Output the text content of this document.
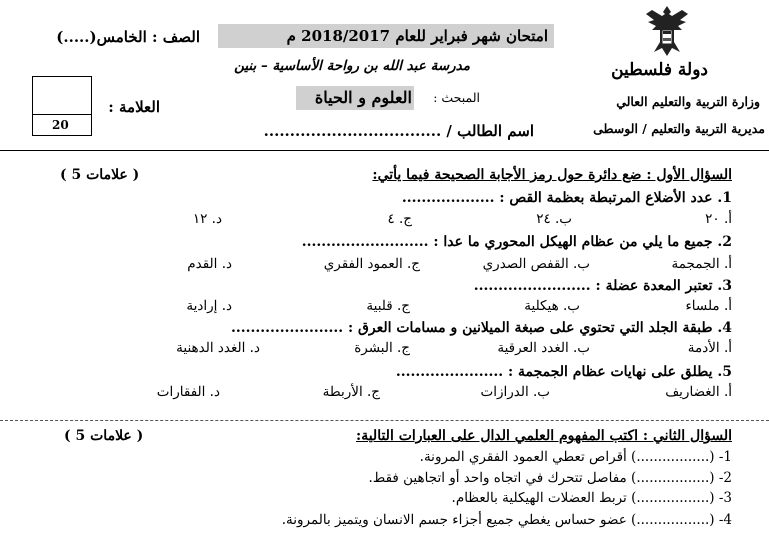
دولة فلسطين
وزارة التربية والتعليم العالي
مديرية التربية والتعليم / الوسطى
امتحان شهر فبراير للعام 2018/2017 م
مدرسة عبد الله بن رواحة الأساسية – بنين
الصف : الخامس(.....)
المبحث :
العلوم و الحياة
اسم الطالب / ..................................
20
العلامة :
السؤال الأول : ضع دائرة حول رمز الأجابة الصحيحة فيما يأتي:
( 5 علامات )
1. عدد الأضلاع المرتبطة بعظمة القص : ...................
أ. ٢٠
ب. ٢٤
ج. ٤
د. ١٢
2. جميع ما يلي من عظام الهيكل المحوري ما عدا : ..........................
أ. الجمجمة
ب. القفص الصدري
ج. العمود الفقري
د. القدم
3. تعتبر المعدة عضلة : ........................
أ. ملساء
ب. هيكلية
ج. قلبية
د. إرادية
4. طبقة الجلد التي تحتوي على صبغة الميلانين و مسامات العرق : .......................
أ. الأدمة
ب. الغدد العرقية
ج. البشرة
د. الغدد الدهنية
5. يطلق على نهايات عظام الجمجمة : ......................
أ. الغضاريف
ب. الدرازات
ج. الأربطة
د. الفقارات
السؤال الثاني : اكتب المفهوم العلمي الدال على العبارات التالية:
( 5 علامات )
1- (.................) أقراص تعطي العمود الفقري المرونة.
2- (.................) مفاصل تتحرك في اتجاه واحد أو اتجاهين فقط.
3- (.................) تربط العضلات الهيكلية بالعظام.
4- (.................) عضو حساس يغطي جميع أجزاء جسم الانسان ويتميز بالمرونة.
